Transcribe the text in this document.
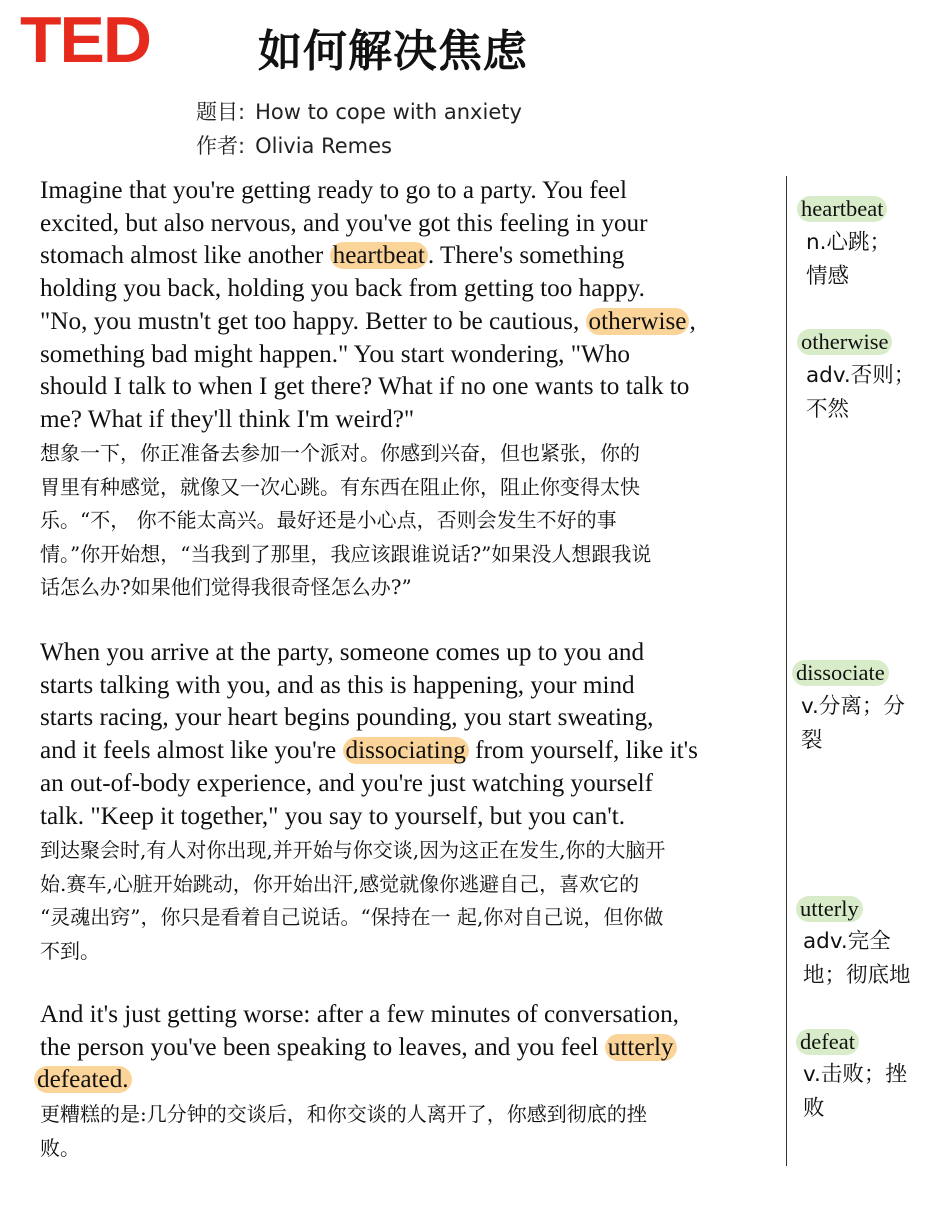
TED 如何解决焦虑
题目: How to cope with anxiety
作者: Olivia Remes
Imagine that you're getting ready to go to a party. You feel
excited, but also nervous, and you've got this feeling in your
stomach almost like another heartbeat . There's something
holding you back, holding you back from getting too happy.
"No, you mustn't get too happy. Better to be cautious, otherwise ,
something bad might happen." You start wondering, "Who
should I talk to when I get there? What if no one wants to talk to
me? What if they'll think I'm weird?"
想象一下，你正准备去参加一个派对。你感到兴奋，但也紧张，你的
胃里有种感觉，就像又一次心跳。有东西在阻止你，阻止你变得太快
乐。“不， 你不能太高兴。最好还是小心点，否则会发生不好的事
情。”你开始想，“当我到了那里，我应该跟谁说话?”如果没人想跟我说
话怎么办?如果他们觉得我很奇怪怎么办?”
When you arrive at the party, someone comes up to you and
starts talking with you, and as this is happening, your mind
starts racing, your heart begins pounding, you start sweating,
and it feels almost like you're dissociating from yourself, like it's
an out-of-body experience, and you're just watching yourself
talk. "Keep it together," you say to yourself, but you can't.
到达聚会时,有人对你出现,并开始与你交谈,因为这正在发生,你的大脑开
始.赛车,心脏开始跳动，你开始出汗,感觉就像你逃避自己，喜欢它的
“灵魂出窍”，你只是看着自己说话。“保持在一 起,你对自己说，但你做
不到。
And it's just getting worse: after a few minutes of conversation,
the person you've been speaking to leaves, and you feel utterly
defeated.
更糟糕的是:几分钟的交谈后，和你交谈的人离开了，你感到彻底的挫
败。
heartbeat
n.心跳；
情感
otherwise
adv.否则；
不然
dissociate
v.分离；分
裂
utterly
adv.完全
地；彻底地
defeat
v.击败；挫
败
